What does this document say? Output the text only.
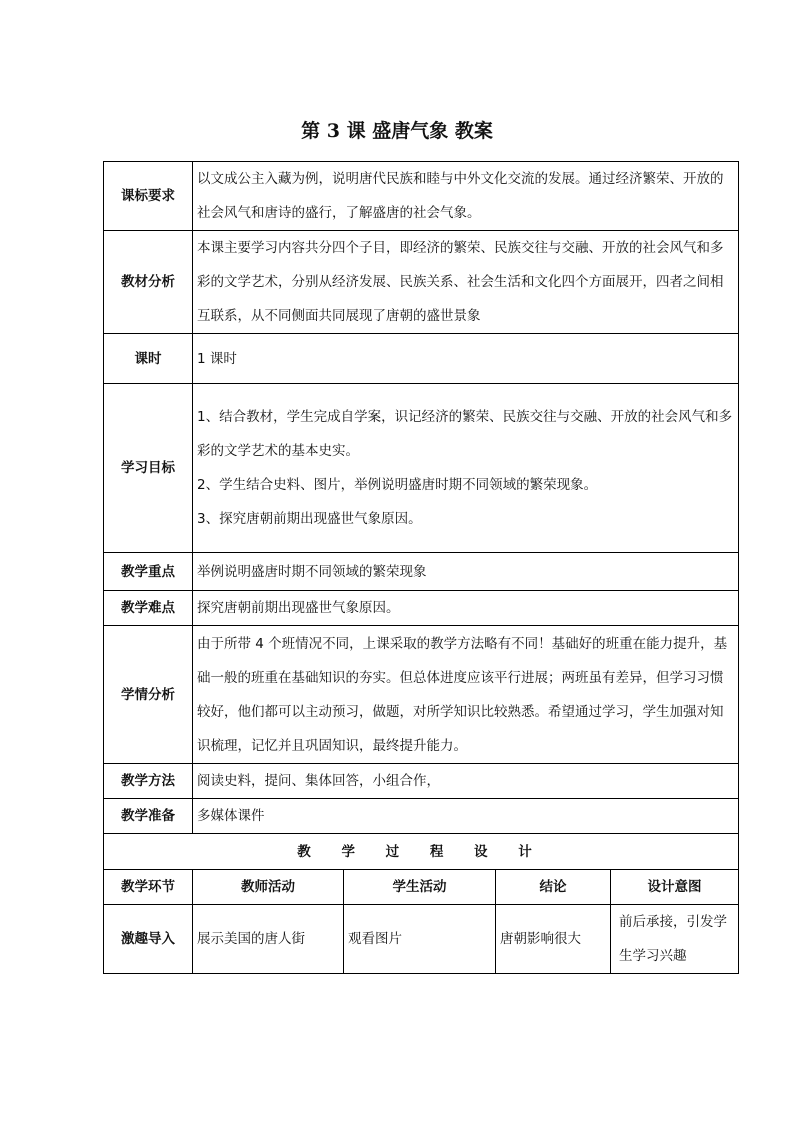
第 3 课 盛唐气象 教案
课标要求	以文成公主入藏为例，说明唐代民族和睦与中外文化交流的发展。通过经济繁荣、开放的社会风气和唐诗的盛行，了解盛唐的社会气象。			
教材分析	本课主要学习内容共分四个子目，即经济的繁荣、民族交往与交融、开放的社会风气和多彩的文学艺术，分别从经济发展、民族关系、社会生活和文化四个方面展开，四者之间相互联系，从不同侧面共同展现了唐朝的盛世景象			
课时	1 课时			
学习目标	1、结合教材，学生完成自学案，识记经济的繁荣、民族交往与交融、开放的社会风气和多彩的文学艺术的基本史实。
2、学生结合史料、图片，举例说明盛唐时期不同领域的繁荣现象。
3、探究唐朝前期出现盛世气象原因。			

教学重点	举例说明盛唐时期不同领域的繁荣现象			
教学难点	探究唐朝前期出现盛世气象原因。			
学情分析	由于所带 4 个班情况不同，上课采取的教学方法略有不同！基础好的班重在能力提升，基础一般的班重在基础知识的夯实。但总体进度应该平行进展；两班虽有差异，但学习习惯较好，他们都可以主动预习，做题，对所学知识比较熟悉。希望通过学习，学生加强对知识梳理，记忆并且巩固知识，最终提升能力。			
教学方法	阅读史料，提问、集体回答，小组合作，			
教学准备	多媒体课件			
教 学 过 程 设 计				
教学环节	教师活动	学生活动	结论	设计意图
激趣导入	展示美国的唐人街	观看图片	唐朝影响很大	前后承接，引发学生学习兴趣
